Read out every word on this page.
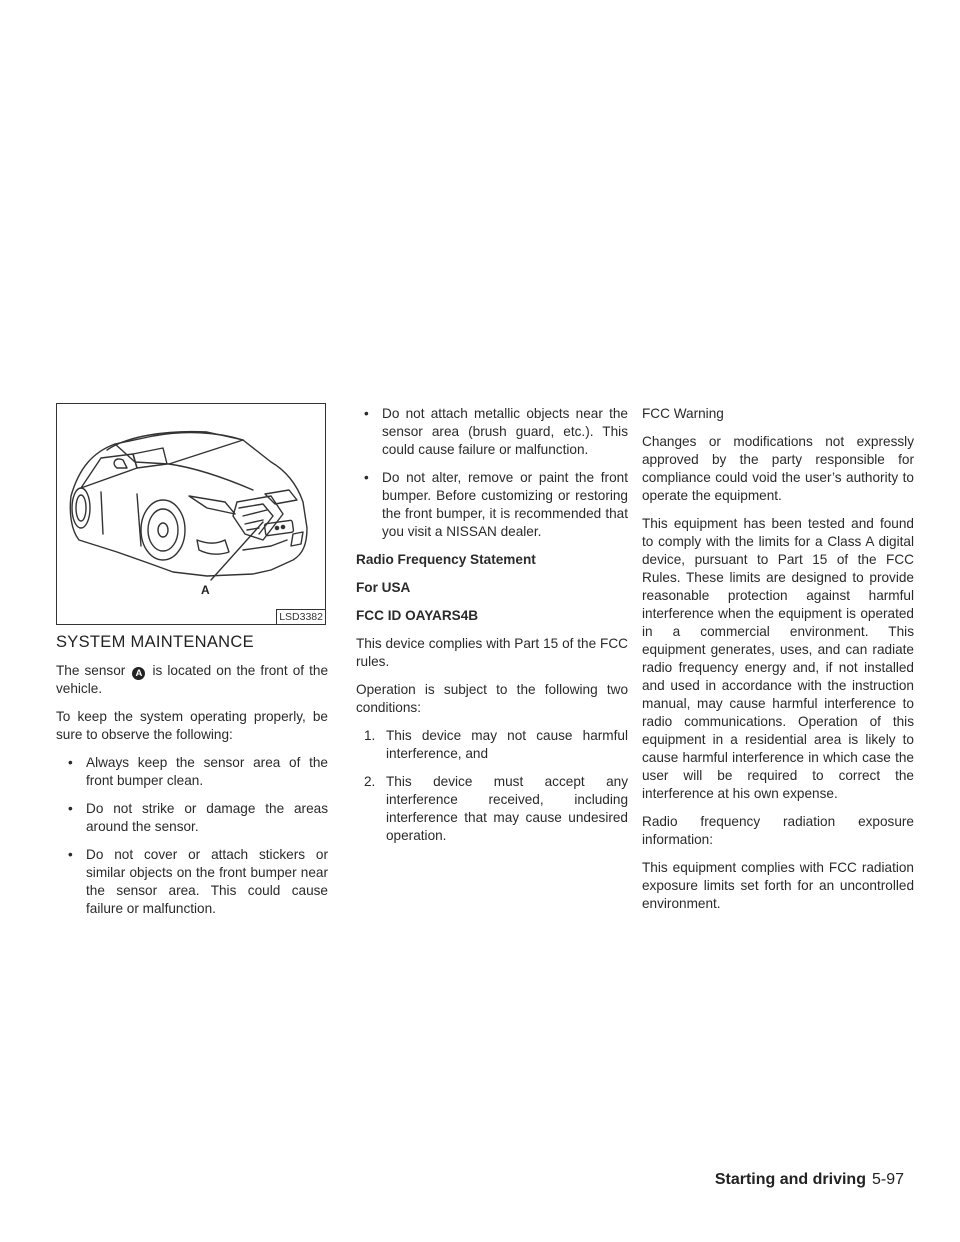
A
LSD3382
SYSTEM MAINTENANCE

The sensor A is located on the front of the vehicle.

To keep the system operating properly, be sure to observe the following:

• Always keep the sensor area of the front bumper clean.
• Do not strike or damage the areas around the sensor.
• Do not cover or attach stickers or similar objects on the front bumper near the sensor area. This could cause failure or malfunction.
• Do not attach metallic objects near the sensor area (brush guard, etc.). This could cause failure or malfunction.
• Do not alter, remove or paint the front bumper. Before customizing or restoring the front bumper, it is recommended that you visit a NISSAN dealer.

Radio Frequency Statement

For USA

FCC ID OAYARS4B

This device complies with Part 15 of the FCC rules.

Operation is subject to the following two conditions:

1. This device may not cause harmful interference, and
2. This device must accept any interference received, including interference that may cause undesired operation.

FCC Warning

Changes or modifications not expressly approved by the party responsible for compliance could void the user’s authority to operate the equipment.

This equipment has been tested and found to comply with the limits for a Class A digital device, pursuant to Part 15 of the FCC Rules. These limits are designed to provide reasonable protection against harmful interference when the equipment is operated in a commercial environment. This equipment generates, uses, and can radiate radio frequency energy and, if not installed and used in accordance with the instruction manual, may cause harmful interference to radio communications. Operation of this equipment in a residential area is likely to cause harmful interference in which case the user will be required to correct the interference at his own expense.

Radio frequency radiation exposure information:

This equipment complies with FCC radiation exposure limits set forth for an uncontrolled environment.

Starting and driving 5-97
